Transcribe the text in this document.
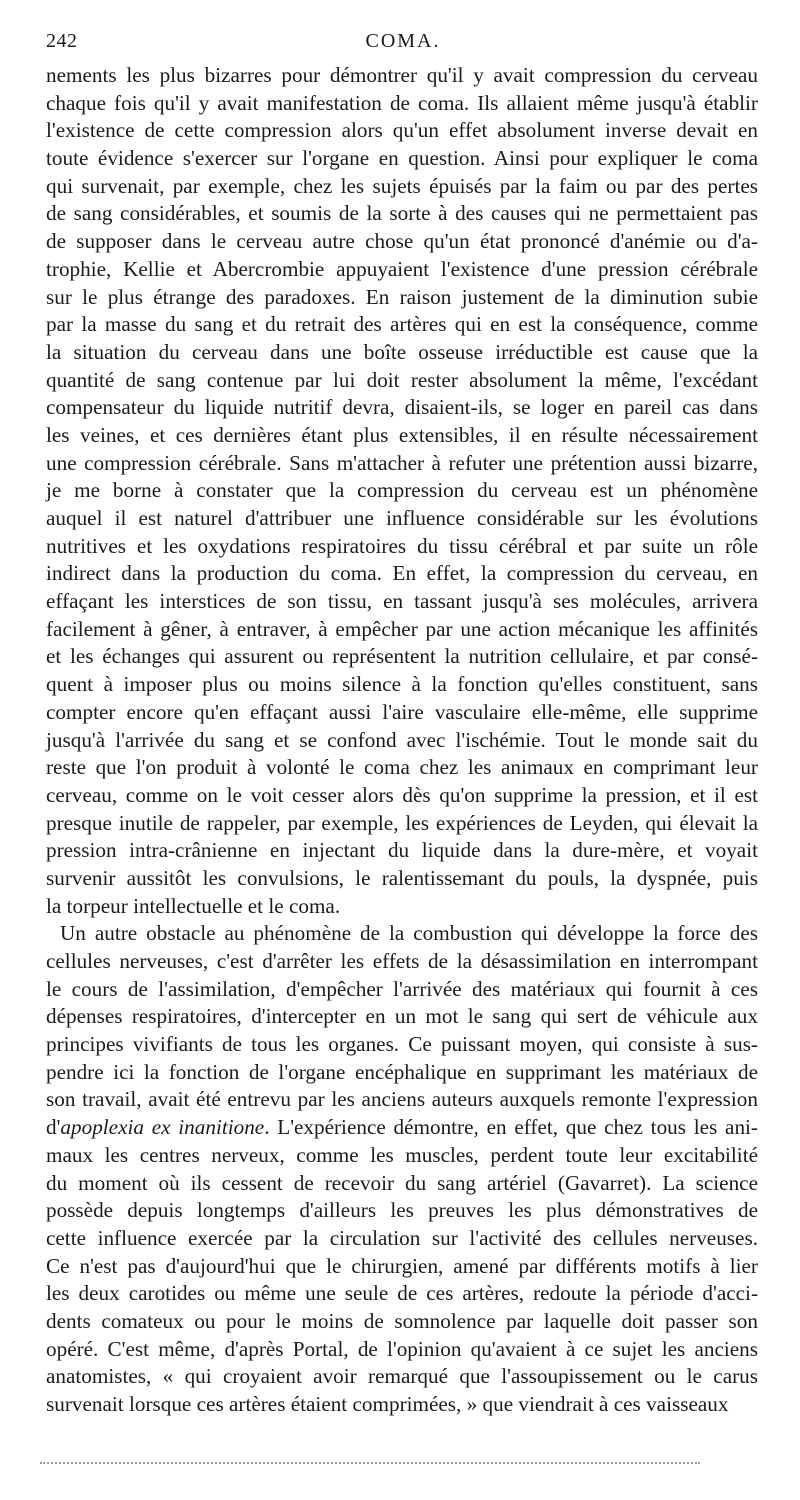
242	COMA.
nements les plus bizarres pour démontrer qu'il y avait compression du cerveau
chaque fois qu'il y avait manifestation de coma. Ils allaient même jusqu'à établir
l'existence de cette compression alors qu'un effet absolument inverse devait en
toute évidence s'exercer sur l'organe en question. Ainsi pour expliquer le coma
qui survenait, par exemple, chez les sujets épuisés par la faim ou par des pertes
de sang considérables, et soumis de la sorte à des causes qui ne permettaient pas
de supposer dans le cerveau autre chose qu'un état prononcé d'anémie ou d'a-
trophie, Kellie et Abercrombie appuyaient l'existence d'une pression cérébrale
sur le plus étrange des paradoxes. En raison justement de la diminution subie
par la masse du sang et du retrait des artères qui en est la conséquence, comme
la situation du cerveau dans une boîte osseuse irréductible est cause que la
quantité de sang contenue par lui doit rester absolument la même, l'excédant
compensateur du liquide nutritif devra, disaient-ils, se loger en pareil cas dans
les veines, et ces dernières étant plus extensibles, il en résulte nécessairement
une compression cérébrale. Sans m'attacher à refuter une prétention aussi bizarre,
je me borne à constater que la compression du cerveau est un phénomène
auquel il est naturel d'attribuer une influence considérable sur les évolutions
nutritives et les oxydations respiratoires du tissu cérébral et par suite un rôle
indirect dans la production du coma. En effet, la compression du cerveau, en
effaçant les interstices de son tissu, en tassant jusqu'à ses molécules, arrivera
facilement à gêner, à entraver, à empêcher par une action mécanique les affinités
et les échanges qui assurent ou représentent la nutrition cellulaire, et par consé-
quent à imposer plus ou moins silence à la fonction qu'elles constituent, sans
compter encore qu'en effaçant aussi l'aire vasculaire elle-même, elle supprime
jusqu'à l'arrivée du sang et se confond avec l'ischémie. Tout le monde sait du
reste que l'on produit à volonté le coma chez les animaux en comprimant leur
cerveau, comme on le voit cesser alors dès qu'on supprime la pression, et il est
presque inutile de rappeler, par exemple, les expériences de Leyden, qui élevait la
pression intra-crânienne en injectant du liquide dans la dure-mère, et voyait
survenir aussitôt les convulsions, le ralentissemant du pouls, la dyspnée, puis
la torpeur intellectuelle et le coma.
Un autre obstacle au phénomène de la combustion qui développe la force des
cellules nerveuses, c'est d'arrêter les effets de la désassimilation en interrompant
le cours de l'assimilation, d'empêcher l'arrivée des matériaux qui fournit à ces
dépenses respiratoires, d'intercepter en un mot le sang qui sert de véhicule aux
principes vivifiants de tous les organes. Ce puissant moyen, qui consiste à sus-
pendre ici la fonction de l'organe encéphalique en supprimant les matériaux de
son travail, avait été entrevu par les anciens auteurs auxquels remonte l'expression
d'apoplexia ex inanitione. L'expérience démontre, en effet, que chez tous les ani-
maux les centres nerveux, comme les muscles, perdent toute leur excitabilité
du moment où ils cessent de recevoir du sang artériel (Gavarret). La science
possède depuis longtemps d'ailleurs les preuves les plus démonstratives de
cette influence exercée par la circulation sur l'activité des cellules nerveuses.
Ce n'est pas d'aujourd'hui que le chirurgien, amené par différents motifs à lier
les deux carotides ou même une seule de ces artères, redoute la période d'acci-
dents comateux ou pour le moins de somnolence par laquelle doit passer son
opéré. C'est même, d'après Portal, de l'opinion qu'avaient à ce sujet les anciens
anatomistes, « qui croyaient avoir remarqué que l'assoupissement ou le carus
survenait lorsque ces artères étaient comprimées, » que viendrait à ces vaisseaux
